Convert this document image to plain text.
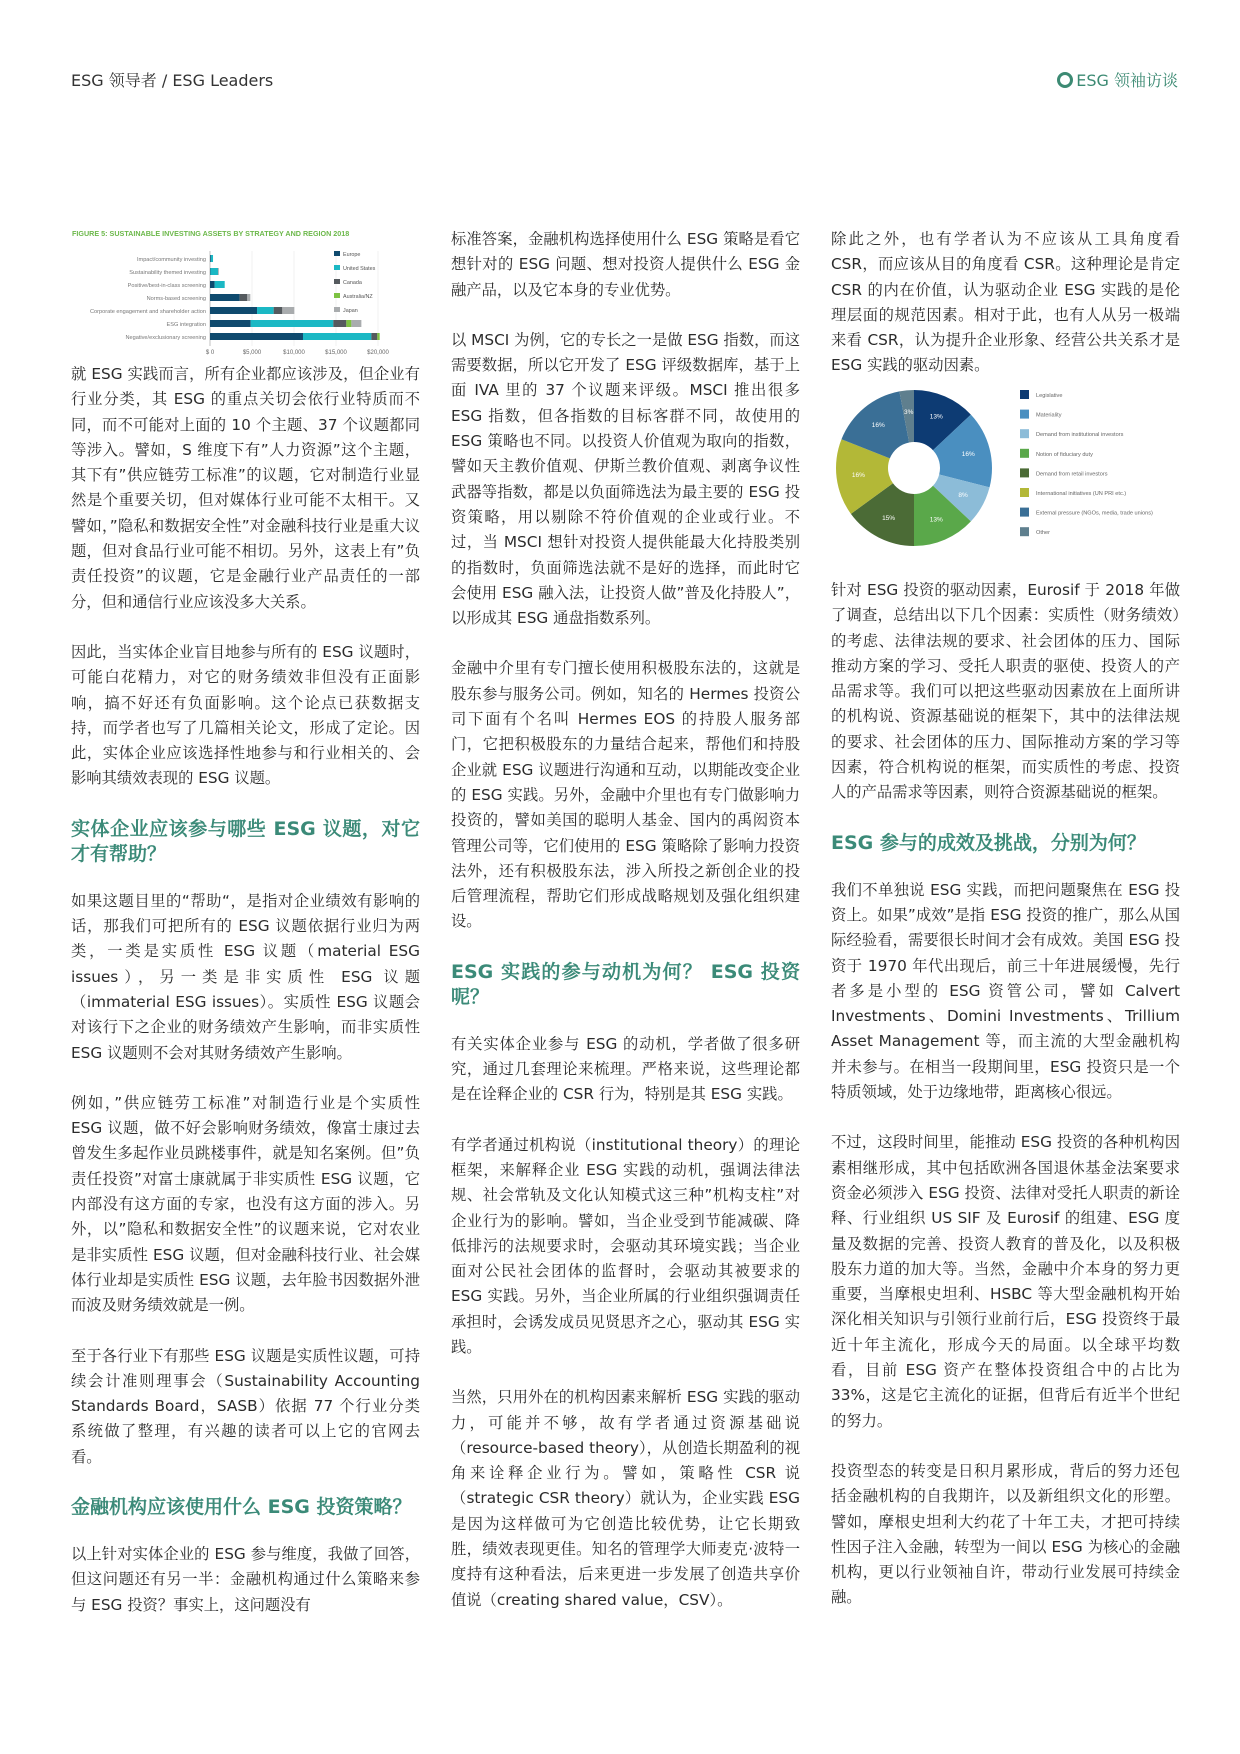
ESG 领导者 / ESG Leaders	ESG 领袖访谈
FIGURE 5: SUSTAINABLE INVESTING ASSETS BY STRATEGY AND REGION 2018
$ 0	$5,000	$10,000	$15,000	$20,000
Impact/community investing
Sustainability themed investing
Positive/best-in-class screening
Norms-based screening
Corporate engagement and shareholder action
ESG integration
Negative/exclusionary screening
Europe
United States
Canada
Australia/NZ
Japan

就 ESG 实践而言，所有企业都应该涉及，但企业有行业分类，其 ESG 的重点关切会依行业特质而不同，而不可能对上面的 10 个主题、37 个议题都同等涉入。譬如，S 维度下有”人力资源”这个主题，其下有”供应链劳工标准”的议题，它对制造行业显然是个重要关切，但对媒体行业可能不太相干。又譬如，”隐私和数据安全性”对金融科技行业是重大议题，但对食品行业可能不相切。另外，这表上有”负责任投资”的议题，它是金融行业产品责任的一部分，但和通信行业应该没多大关系。

因此，当实体企业盲目地参与所有的 ESG 议题时，可能白花精力，对它的财务绩效非但没有正面影响，搞不好还有负面影响。这个论点已获数据支持，而学者也写了几篇相关论文，形成了定论。因此，实体企业应该选择性地参与和行业相关的、会影响其绩效表现的 ESG 议题。

实体企业应该参与哪些 ESG 议题，对它才有帮助？

如果这题目里的“帮助“，是指对企业绩效有影响的话，那我们可把所有的 ESG 议题依据行业归为两类，一类是实质性 ESG 议题（material ESG issues），另一类是非实质性 ESG 议题（immaterial ESG issues）。实质性 ESG 议题会对该行下之企业的财务绩效产生影响，而非实质性 ESG 议题则不会对其财务绩效产生影响。

例如，”供应链劳工标准”对制造行业是个实质性 ESG 议题，做不好会影响财务绩效，像富士康过去曾发生多起作业员跳楼事件，就是知名案例。但”负责任投资”对富士康就属于非实质性 ESG 议题，它内部没有这方面的专家，也没有这方面的涉入。另外，以”隐私和数据安全性”的议题来说，它对农业是非实质性 ESG 议题，但对金融科技行业、社会媒体行业却是实质性 ESG 议题，去年脸书因数据外泄而波及财务绩效就是一例。

至于各行业下有那些 ESG 议题是实质性议题，可持续会计准则理事会（Sustainability Accounting Standards Board，SASB）依据 77 个行业分类系统做了整理，有兴趣的读者可以上它的官网去看。

金融机构应该使用什么 ESG 投资策略？

以上针对实体企业的 ESG 参与维度，我做了回答，但这问题还有另一半：金融机构通过什么策略来参与 ESG 投资？事实上，这问题没有

标准答案，金融机构选择使用什么 ESG 策略是看它想针对的 ESG 问题、想对投资人提供什么 ESG 金融产品，以及它本身的专业优势。

以 MSCI 为例，它的专长之一是做 ESG 指数，而这需要数据，所以它开发了 ESG 评级数据库，基于上面 IVA 里的 37 个议题来评级。MSCI 推出很多 ESG 指数，但各指数的目标客群不同，故使用的 ESG 策略也不同。以投资人价值观为取向的指数，譬如天主教价值观、伊斯兰教价值观、剥离争议性武器等指数，都是以负面筛选法为最主要的 ESG 投资策略，用以剔除不符价值观的企业或行业。不过，当 MSCI 想针对投资人提供能最大化持股类别的指数时，负面筛选法就不是好的选择，而此时它会使用 ESG 融入法，让投资人做”普及化持股人”，以形成其 ESG 通盘指数系列。

金融中介里有专门擅长使用积极股东法的，这就是股东参与服务公司。例如，知名的 Hermes 投资公司下面有个名叫 Hermes EOS 的持股人服务部门，它把积极股东的力量结合起来，帮他们和持股企业就 ESG 议题进行沟通和互动，以期能改变企业的 ESG 实践。另外，金融中介里也有专门做影响力投资的，譬如美国的聪明人基金、国内的禹闳资本管理公司等，它们使用的 ESG 策略除了影响力投资法外，还有积极股东法，涉入所投之新创企业的投后管理流程，帮助它们形成战略规划及强化组织建设。

ESG 实践的参与动机为何？ ESG 投资呢？

有关实体企业参与 ESG 的动机，学者做了很多研究，通过几套理论来梳理。严格来说，这些理论都是在诠释企业的 CSR 行为，特别是其 ESG 实践。

有学者通过机构说（institutional theory）的理论框架，来解释企业 ESG 实践的动机，强调法律法规、社会常轨及文化认知模式这三种”机构支柱”对企业行为的影响。譬如，当企业受到节能减碳、降低排污的法规要求时，会驱动其环境实践；当企业面对公民社会团体的监督时，会驱动其被要求的 ESG 实践。另外，当企业所属的行业组织强调责任承担时，会诱发成员见贤思齐之心，驱动其 ESG 实践。

当然，只用外在的机构因素来解析 ESG 实践的驱动力，可能并不够，故有学者通过资源基础说（resource-based theory），从创造长期盈利的视角来诠释企业行为。譬如，策略性 CSR 说（strategic CSR theory）就认为，企业实践 ESG 是因为这样做可为它创造比较优势，让它长期致胜，绩效表现更佳。知名的管理学大师麦克·波特一度持有这种看法，后来更进一步发展了创造共享价值说（creating shared value，CSV）。

除此之外，也有学者认为不应该从工具角度看 CSR，而应该从目的角度看 CSR。这种理论是肯定 CSR 的内在价值，认为驱动企业 ESG 实践的是伦理层面的规范因素。相对于此，也有人从另一极端来看 CSR，认为提升企业形象、经营公共关系才是 ESG 实践的驱动因素。

13%
16%
8%
13%
15%
16%
16%
3%
Legislative
Materiality
Demand from institutional investors
Notion of fiduciary duty
Demand from retail investors
International initiatives (UN PRI etc.)
External pressure (NGOs, media, trade unions)
Other

针对 ESG 投资的驱动因素，Eurosif 于 2018 年做了调查，总结出以下几个因素：实质性（财务绩效）的考虑、法律法规的要求、社会团体的压力、国际推动方案的学习、受托人职责的驱使、投资人的产品需求等。我们可以把这些驱动因素放在上面所讲的机构说、资源基础说的框架下，其中的法律法规的要求、社会团体的压力、国际推动方案的学习等因素，符合机构说的框架，而实质性的考虑、投资人的产品需求等因素，则符合资源基础说的框架。

ESG 参与的成效及挑战，分别为何？

我们不单独说 ESG 实践，而把问题聚焦在 ESG 投资上。如果”成效”是指 ESG 投资的推广，那么从国际经验看，需要很长时间才会有成效。美国 ESG 投资于 1970 年代出现后，前三十年进展缓慢，先行者多是小型的 ESG 资管公司，譬如 Calvert Investments、Domini Investments、Trillium Asset Management 等，而主流的大型金融机构并未参与。在相当一段期间里，ESG 投资只是一个特质领域，处于边缘地带，距离核心很远。

不过，这段时间里，能推动 ESG 投资的各种机构因素相继形成，其中包括欧洲各国退休基金法案要求资金必须涉入 ESG 投资、法律对受托人职责的新诠释、行业组织 US SIF 及 Eurosif 的组建、ESG 度量及数据的完善、投资人教育的普及化，以及积极股东力道的加大等。当然，金融中介本身的努力更重要，当摩根史坦利、HSBC 等大型金融机构开始深化相关知识与引领行业前行后，ESG 投资终于最近十年主流化，形成今天的局面。以全球平均数看，目前 ESG 资产在整体投资组合中的占比为 33%，这是它主流化的证据，但背后有近半个世纪的努力。

投资型态的转变是日积月累形成，背后的努力还包括金融机构的自我期许，以及新组织文化的形塑。譬如，摩根史坦利大约花了十年工夫，才把可持续性因子注入金融，转型为一间以 ESG 为核心的金融机构，更以行业领袖自许，带动行业发展可持续金融。
